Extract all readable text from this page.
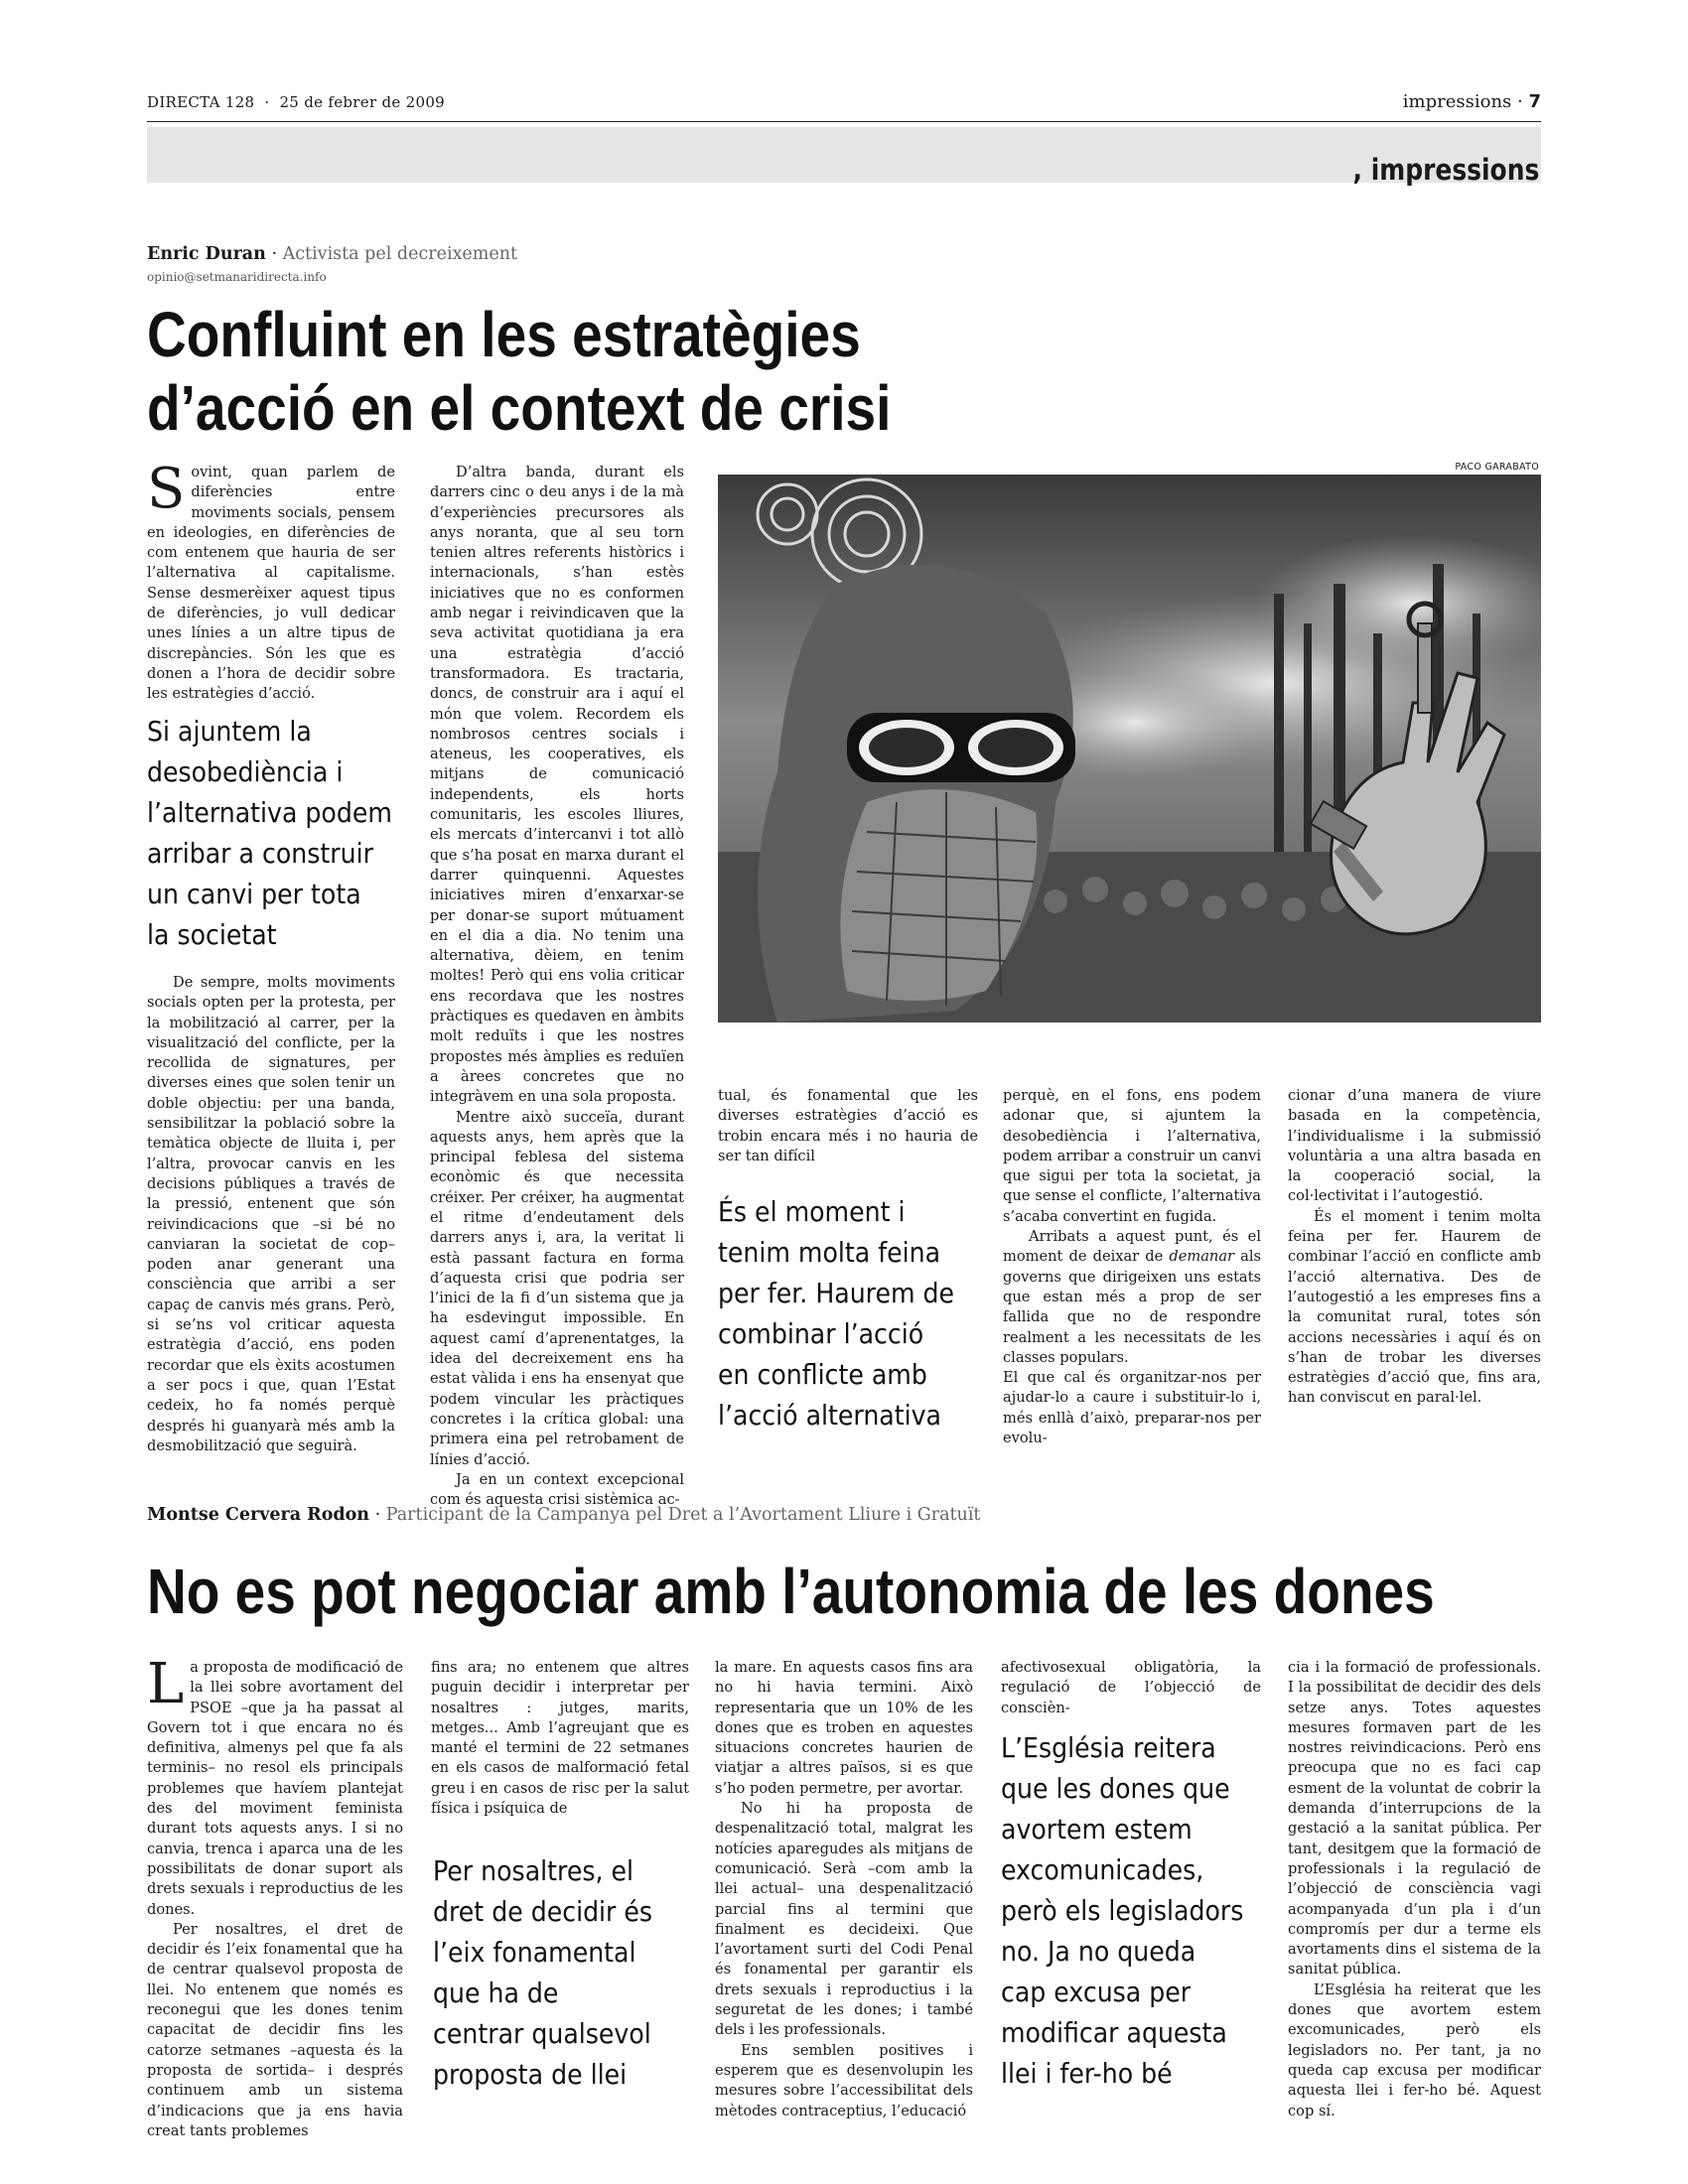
DIRECTA 128 · 25 de febrer de 2009	impressions · 7
, impressions
Enric Duran · Activista pel decreixement
opinio@setmanaridirecta.info
Confluint en les estratègies
d’acció en el context de crisi

Sovint, quan parlem de diferències entre moviments socials, pensem en ideologies, en diferències de com entenem que hauria de ser l’alternativa al capitalisme. Sense desmerèixer aquest tipus de diferències, jo vull dedicar unes línies a un altre tipus de discrepàncies. Són les que es donen a l’hora de decidir sobre les estratègies d’acció.

Si ajuntem la
desobediència i
l’alternativa podem
arribar a construir
un canvi per tota
la societat

De sempre, molts moviments socials opten per la protesta, per la mobilització al carrer, per la visualització del conflicte, per la recollida de signatures, per diverses eines que solen tenir un doble objectiu: per una banda, sensibilitzar la població sobre la temàtica objecte de lluita i, per l’altra, provocar canvis en les decisions públiques a través de la pressió, entenent que són reivindicacions que –si bé no canviaran la societat de cop– poden anar generant una consciència que arribi a ser capaç de canvis més grans. Però, si se’ns vol criticar aquesta estratègia d’acció, ens poden recordar que els èxits acostumen a ser pocs i que, quan l’Estat cedeix, ho fa només perquè després hi guanyarà més amb la desmobilització que seguirà.

D’altra banda, durant els darrers cinc o deu anys i de la mà d’experiències precursores als anys noranta, que al seu torn tenien altres referents històrics i internacionals, s’han estès iniciatives que no es conformen amb negar i reivindicaven que la seva activitat quotidiana ja era una estratègia d’acció transformadora. Es tractaria, doncs, de construir ara i aquí el món que volem. Recordem els nombrosos centres socials i ateneus, les cooperatives, els mitjans de comunicació independents, els horts comunitaris, les escoles lliures, els mercats d’intercanvi i tot allò que s’ha posat en marxa durant el darrer quinquenni. Aquestes iniciatives miren d’enxarxar-se per donar-se suport mútuament en el dia a dia. No tenim una alternativa, dèiem, en tenim moltes! Però qui ens volia criticar ens recordava que les nostres pràctiques es quedaven en àmbits molt reduïts i que les nostres propostes més àmplies es reduïen a àrees concretes que no integràvem en una sola proposta.

Mentre això succeïa, durant aquests anys, hem après que la principal feblesa del sistema econòmic és que necessita créixer. Per créixer, ha augmentat el ritme d’endeutament dels darrers anys i, ara, la veritat li està passant factura en forma d’aquesta crisi que podria ser l’inici de la fi d’un sistema que ja ha esdevingut impossible. En aquest camí d’aprenentatges, la idea del decreixement ens ha estat vàlida i ens ha ensenyat que podem vincular les pràctiques concretes i la crítica global: una primera eina pel retrobament de línies d’acció.

Ja en un context excepcional com és aquesta crisi sistèmica ac-

PACO GARABATO

tual, és fonamental que les diverses estratègies d’acció es trobin encara més i no hauria de ser tan difícil

És el moment i
tenim molta feina
per fer. Haurem de
combinar l’acció
en conflicte amb
l’acció alternativa

perquè, en el fons, ens podem adonar que, si ajuntem la desobediència i l’alternativa, podem arribar a construir un canvi que sigui per tota la societat, ja que sense el conflicte, l’alternativa s’acaba convertint en fugida.

Arribats a aquest punt, és el moment de deixar de demanar als governs que dirigeixen uns estats que estan més a prop de ser fallida que no de respondre realment a les necessitats de les classes populars.

El que cal és organitzar-nos per ajudar-lo a caure i substituir-lo i, més enllà d’això, preparar-nos per evolu-

cionar d’una manera de viure basada en la competència, l’individualisme i la submissió voluntària a una altra basada en la cooperació social, la col·lectivitat i l’autogestió.

És el moment i tenim molta feina per fer. Haurem de combinar l’acció en conflicte amb l’acció alternativa. Des de l’autogestió a les empreses fins a la comunitat rural, totes són accions necessàries i aquí és on s’han de trobar les diverses estratègies d’acció que, fins ara, han conviscut en paral·lel.

Montse Cervera Rodon · Participant de la Campanya pel Dret a l’Avortament Lliure i Gratuït
No es pot negociar amb l’autonomia de les dones

La proposta de modificació de la llei sobre avortament del PSOE –que ja ha passat al Govern tot i que encara no és definitiva, almenys pel que fa als terminis– no resol els principals problemes que havíem plantejat des del moviment feminista durant tots aquests anys. I si no canvia, trenca i aparca una de les possibilitats de donar suport als drets sexuals i reproductius de les dones.

Per nosaltres, el dret de decidir és l’eix fonamental que ha de centrar qualsevol proposta de llei. No entenem que només es reconegui que les dones tenim capacitat de decidir fins les catorze setmanes –aquesta és la proposta de sortida– i després continuem amb un sistema d’indicacions que ja ens havia creat tants problemes

fins ara; no entenem que altres puguin decidir i interpretar per nosaltres : jutges, marits, metges... Amb l’agreujant que es manté el termini de 22 setmanes en els casos de malformació fetal greu i en casos de risc per la salut física i psíquica de

Per nosaltres, el
dret de decidir és
l’eix fonamental
que ha de
centrar qualsevol
proposta de llei

la mare. En aquests casos fins ara no hi havia termini. Això representaria que un 10% de les dones que es troben en aquestes situacions concretes haurien de viatjar a altres països, si es que s’ho poden permetre, per avortar.

No hi ha proposta de despenalització total, malgrat les notícies aparegudes als mitjans de comunicació. Serà –com amb la llei actual– una despenalització parcial fins al termini que finalment es decideixi. Que l’avortament surti del Codi Penal és fonamental per garantir els drets sexuals i reproductius i la seguretat de les dones; i també dels i les professionals.

Ens semblen positives i esperem que es desenvolupin les mesures sobre l’accessibilitat dels mètodes contraceptius, l’educació

afectivosexual obligatòria, la regulació de l’objecció de conscièn-

L’Església reitera
que les dones que
avortem estem
excomunicades,
però els legisladors
no. Ja no queda
cap excusa per
modificar aquesta
llei i fer-ho bé

cia i la formació de professionals. I la possibilitat de decidir des dels setze anys. Totes aquestes mesures formaven part de les nostres reivindicacions. Però ens preocupa que no es faci cap esment de la voluntat de cobrir la demanda d’interrupcions de la gestació a la sanitat pública. Per tant, desitgem que la formació de professionals i la regulació de l’objecció de consciència vagi acompanyada d’un pla i d’un compromís per dur a terme els avortaments dins el sistema de la sanitat pública.

L’Església ha reiterat que les dones que avortem estem excomunicades, però els legisladors no. Per tant, ja no queda cap excusa per modificar aquesta llei i fer-ho bé. Aquest cop sí.
